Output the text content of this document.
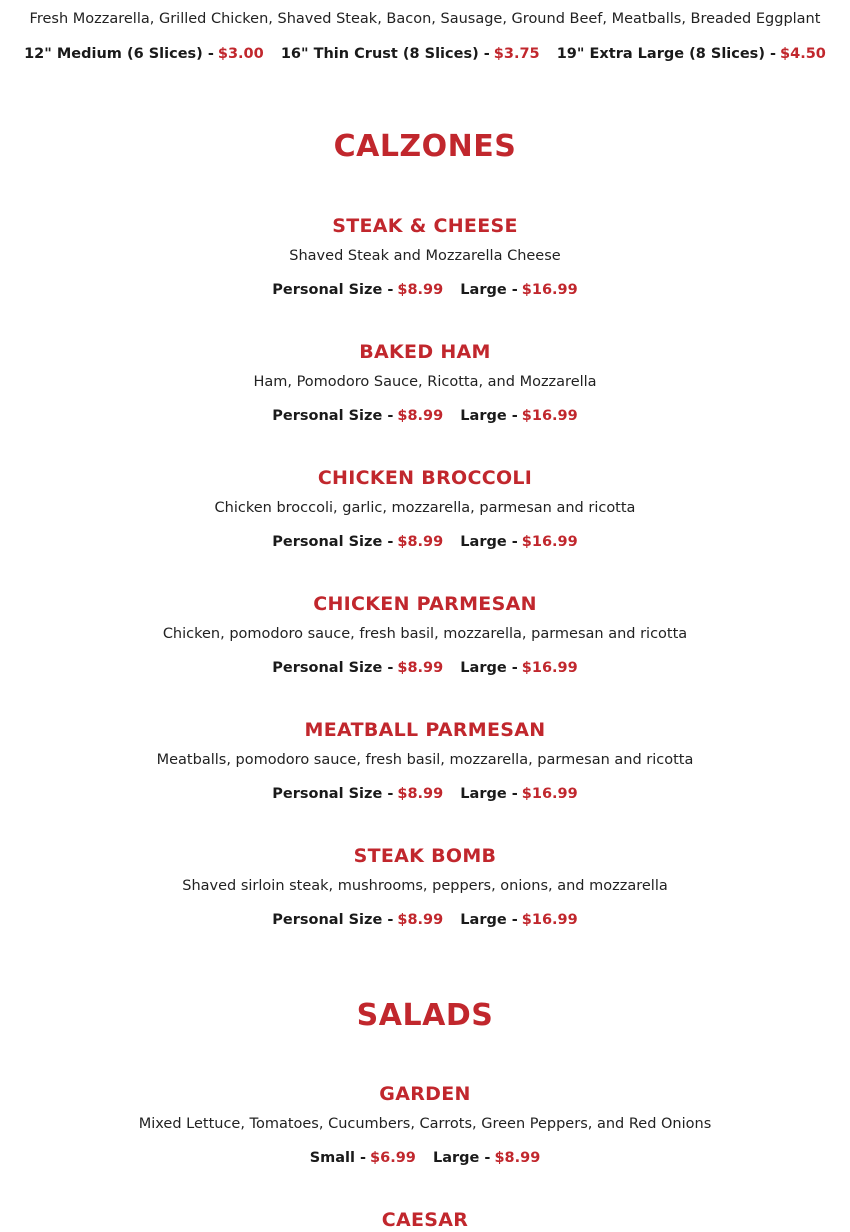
Fresh Mozzarella, Grilled Chicken, Shaved Steak, Bacon, Sausage, Ground Beef, Meatballs, Breaded Eggplant
12" Medium (6 Slices) - $3.00 16" Thin Crust (8 Slices) - $3.75 19" Extra Large (8 Slices) - $4.50
CALZONES
STEAK & CHEESE
Shaved Steak and Mozzarella Cheese
Personal Size - $8.99 Large - $16.99
BAKED HAM
Ham, Pomodoro Sauce, Ricotta, and Mozzarella
Personal Size - $8.99 Large - $16.99
CHICKEN BROCCOLI
Chicken broccoli, garlic, mozzarella, parmesan and ricotta
Personal Size - $8.99 Large - $16.99
CHICKEN PARMESAN
Chicken, pomodoro sauce, fresh basil, mozzarella, parmesan and ricotta
Personal Size - $8.99 Large - $16.99
MEATBALL PARMESAN
Meatballs, pomodoro sauce, fresh basil, mozzarella, parmesan and ricotta
Personal Size - $8.99 Large - $16.99
STEAK BOMB
Shaved sirloin steak, mushrooms, peppers, onions, and mozzarella
Personal Size - $8.99 Large - $16.99
SALADS
GARDEN
Mixed Lettuce, Tomatoes, Cucumbers, Carrots, Green Peppers, and Red Onions
Small - $6.99 Large - $8.99
CAESAR
